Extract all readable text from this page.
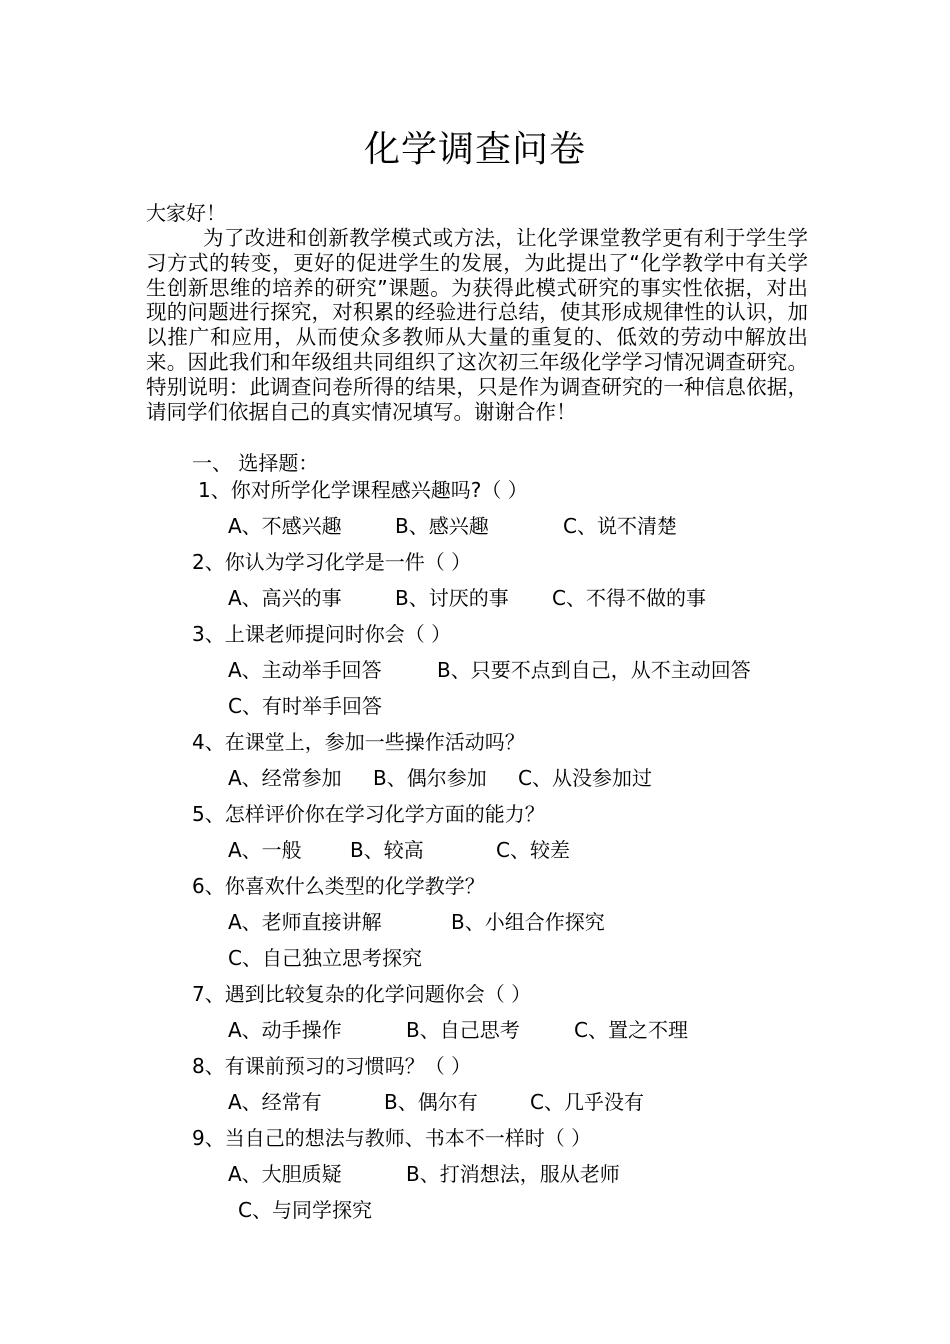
化学调查问卷
大家好！

为了改进和创新教学模式或方法，让化学课堂教学更有利于学生学习方式的转变，更好的促进学生的发展，为此提出了“化学教学中有关学生创新思维的培养的研究”课题。为获得此模式研究的事实性依据，对出现的问题进行探究，对积累的经验进行总结，使其形成规律性的认识，加以推广和应用，从而使众多教师从大量的重复的、低效的劳动中解放出来。因此我们和年级组共同组织了这次初三年级化学学习情况调查研究。特别说明：此调查问卷所得的结果，只是作为调查研究的一种信息依据，请同学们依据自己的真实情况填写。谢谢合作！

一、 选择题：
1、你对所学化学课程感兴趣吗?（ ）
A、不感兴趣	B、感兴趣	C、说不清楚
2、你认为学习化学是一件（ ）
A、高兴的事	B、讨厌的事 C、不得不做的事
3、上课老师提问时你会（ ）
A、主动举手回答	B、只要不点到自己，从不主动回答
C、有时举手回答
4、在课堂上，参加一些操作活动吗？
A、经常参加 B、偶尔参加 C、从没参加过
5、怎样评价你在学习化学方面的能力？
A、一般 B、较高	C、较差
6、你喜欢什么类型的化学教学？
A、老师直接讲解	B、小组合作探究
C、自己独立思考探究
7、遇到比较复杂的化学问题你会（ ）
A、动手操作	B、自己思考	C、置之不理
8、有课前预习的习惯吗？（ ）
A、经常有	B、偶尔有	C、几乎没有
9、当自己的想法与教师、书本不一样时（ ）
A、大胆质疑	B、打消想法，服从老师
C、与同学探究
